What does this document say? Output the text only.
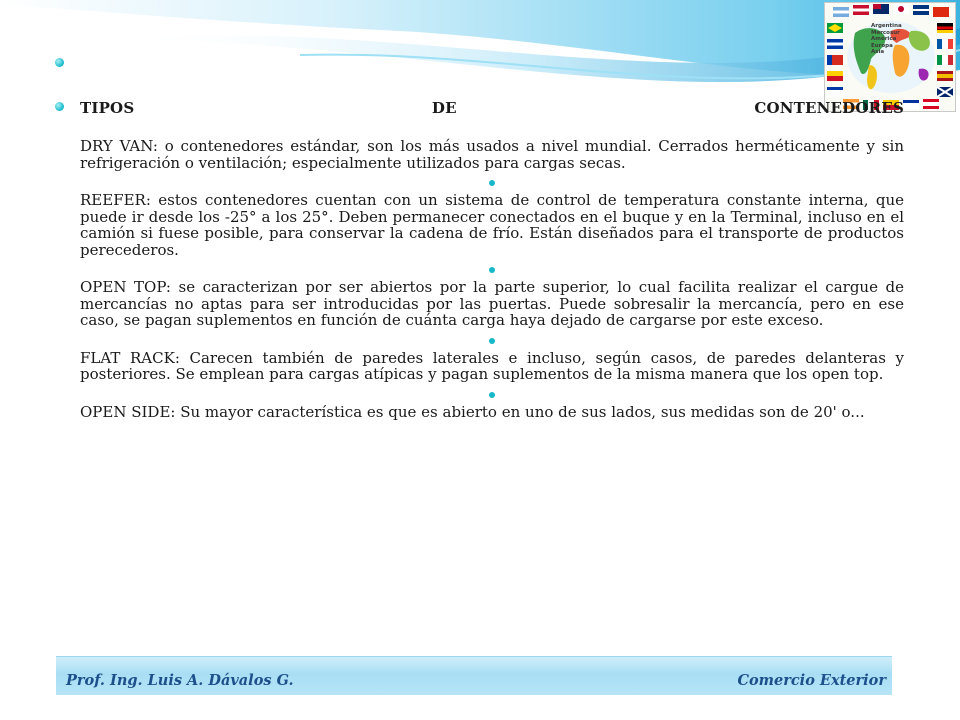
Argentina
Mercosur
América
Europa
Asia
TIPOS	DE	CONTENEDORES

DRY VAN: o contenedores estándar, son los más usados a nivel mundial. Cerrados herméticamente y sin refrigeración o ventilación; especialmente utilizados para cargas secas.

REEFER: estos contenedores cuentan con un sistema de control de temperatura constante interna, que puede ir desde los -25° a los 25°. Deben permanecer conectados en el buque y en la Terminal, incluso en el camión si fuese posible, para conservar la cadena de frío. Están diseñados para el transporte de productos perecederos.

OPEN TOP: se caracterizan por ser abiertos por la parte superior, lo cual facilita realizar el cargue de mercancías no aptas para ser introducidas por las puertas. Puede sobresalir la mercancía, pero en ese caso, se pagan suplementos en función de cuánta carga haya dejado de cargarse por este exceso.

FLAT RACK: Carecen también de paredes laterales e incluso, según casos, de paredes delanteras y posteriores. Se emplean para cargas atípicas y pagan suplementos de la misma manera que los open top.

OPEN SIDE: Su mayor característica es que es abierto en uno de sus lados, sus medidas son de 20' o...

Prof. Ing. Luis A. Dávalos G.	Comercio Exterior
